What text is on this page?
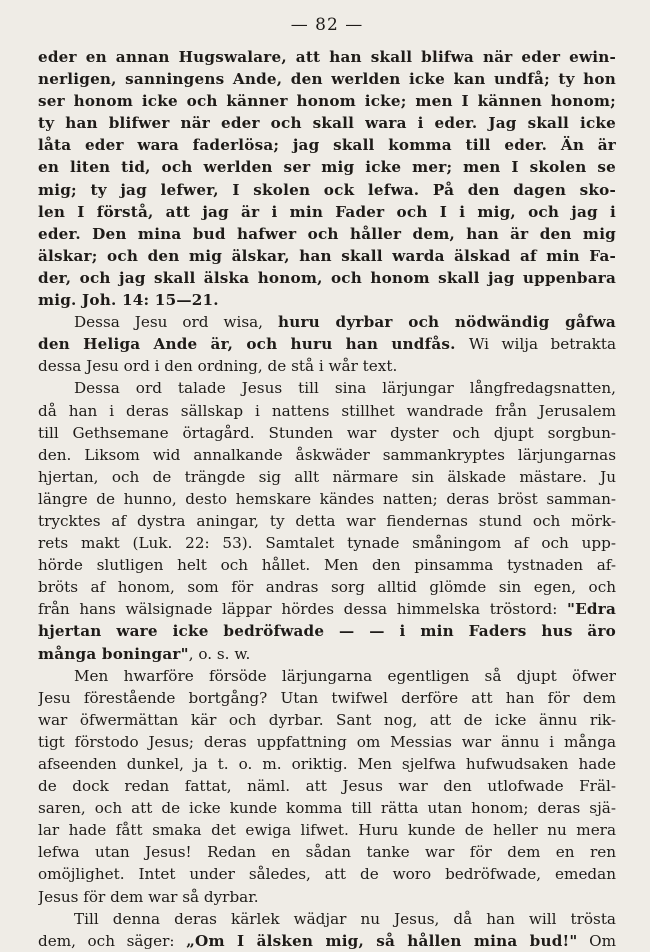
— 82 —
eder en annan Hugswalare, att han skall blifwa när eder ewin-
nerligen, sanningens Ande, den werlden icke kan undfå; ty hon
ser honom icke och känner honom icke; men I kännen honom;
ty han blifwer när eder och skall wara i eder. Jag skall icke
låta eder wara faderlösa; jag skall komma till eder. Än är
en liten tid, och werlden ser mig icke mer; men I skolen se
mig; ty jag lefwer, I skolen ock lefwa. På den dagen sko-
len I förstå, att jag är i min Fader och I i mig, och jag i
eder. Den mina bud hafwer och håller dem, han är den mig
älskar; och den mig älskar, han skall warda älskad af min Fa-
der, och jag skall älska honom, och honom skall jag uppenbara
mig. Joh. 14: 15—21.
Dessa Jesu ord wisa, huru dyrbar och nödwändig gåfwa
den Heliga Ande är, och huru han undfås. Wi wilja betrakta
dessa Jesu ord i den ordning, de stå i wår text.
Dessa ord talade Jesus till sina lärjungar långfredagsnatten,
då han i deras sällskap i nattens stillhet wandrade från Jerusalem
till Gethsemane örtagård. Stunden war dyster och djupt sorgbun-
den. Liksom wid annalkande åskwäder sammankryptes lärjungarnas
hjertan, och de trängde sig allt närmare sin älskade mästare. Ju
längre de hunno, desto hemskare kändes natten; deras bröst samman-
trycktes af dystra aningar, ty detta war fiendernas stund och mörk-
rets makt (Luk. 22: 53). Samtalet tynade småningom af och upp-
hörde slutligen helt och hållet. Men den pinsamma tystnaden af-
bröts af honom, som för andras sorg alltid glömde sin egen, och
från hans wälsignade läppar hördes dessa himmelska tröstord: "Edra
hjertan ware icke bedröfwade — — i min Faders hus äro
många boningar", o. s. w.
Men hwarföre försöde lärjungarna egentligen så djupt öfwer
Jesu förestående bortgång? Utan twifwel derföre att han för dem
war öfwermättan kär och dyrbar. Sant nog, att de icke ännu rik-
tigt förstodo Jesus; deras uppfattning om Messias war ännu i många
afseenden dunkel, ja t. o. m. oriktig. Men sjelfwa hufwudsaken hade
de dock redan fattat, näml. att Jesus war den utlofwade Fräl-
saren, och att de icke kunde komma till rätta utan honom; deras sjä-
lar hade fått smaka det ewiga lifwet. Huru kunde de heller nu mera
lefwa utan Jesus! Redan en sådan tanke war för dem en ren
omöjlighet. Intet under således, att de woro bedröfwade, emedan
Jesus för dem war så dyrbar.
Till denna deras kärlek wädjar nu Jesus, då han will trösta
dem, och säger: „Om I älsken mig, så hållen mina bud!" Om
